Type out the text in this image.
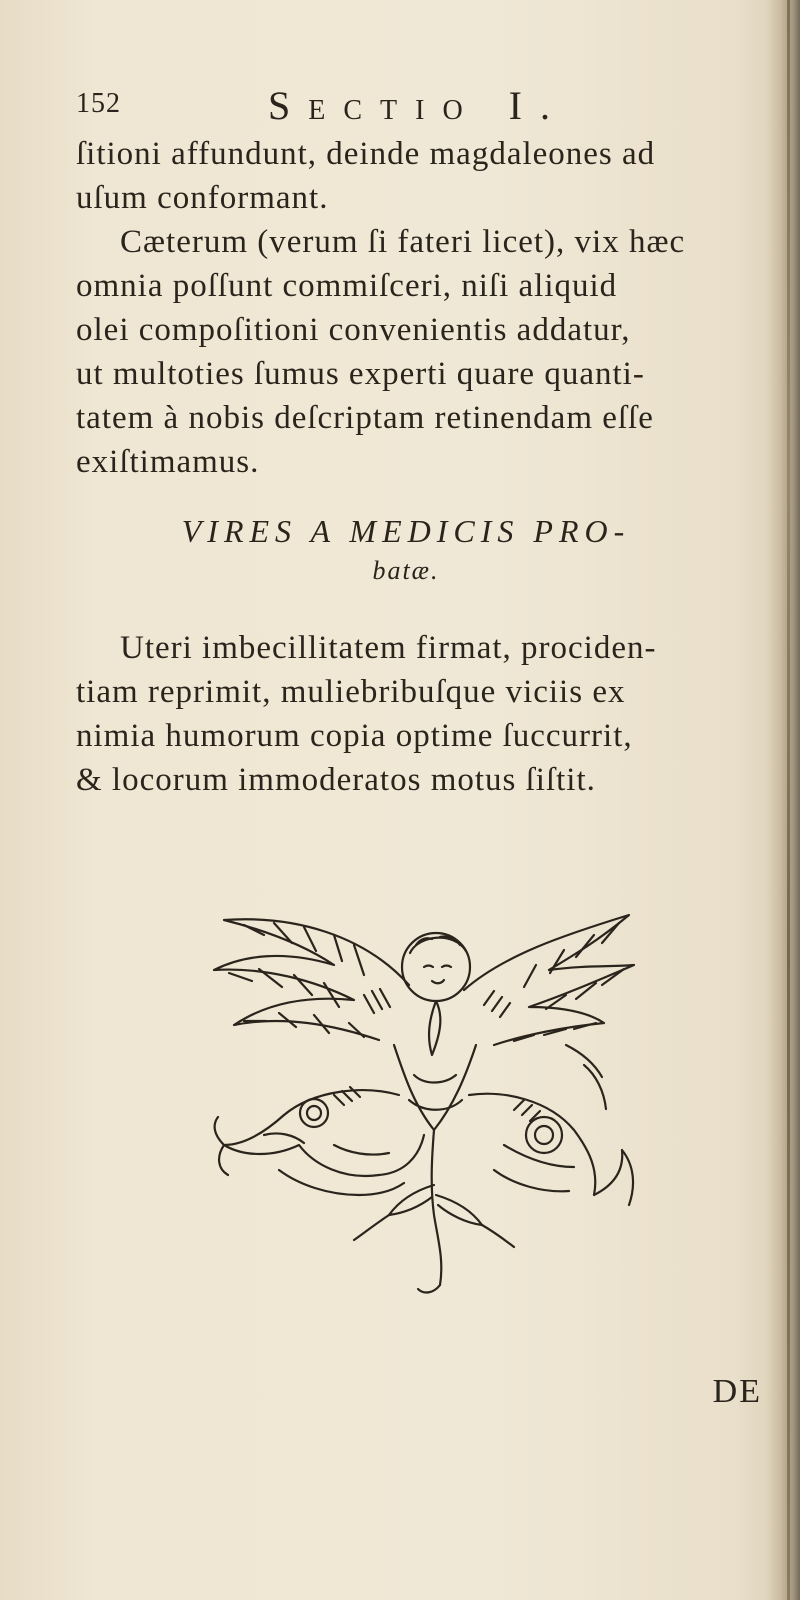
152	Sectio I.
ſitioni affundunt, deinde magdaleones ad
uſum conformant.
Cæterum (verum ſi fateri licet), vix hæc
omnia poſſunt commiſceri, niſi aliquid
olei compoſitioni convenientis addatur,
ut multoties ſumus experti quare quanti-
tatem à nobis deſcriptam retinendam eſſe
exiſtimamus.
VIRES A MEDICIS PRO-
batæ.
Uteri imbecillitatem firmat, prociden-
tiam reprimit, muliebribuſque viciis ex
nimia humorum copia optime ſuccurrit,
& locorum immoderatos motus ſiſtit.
DE
